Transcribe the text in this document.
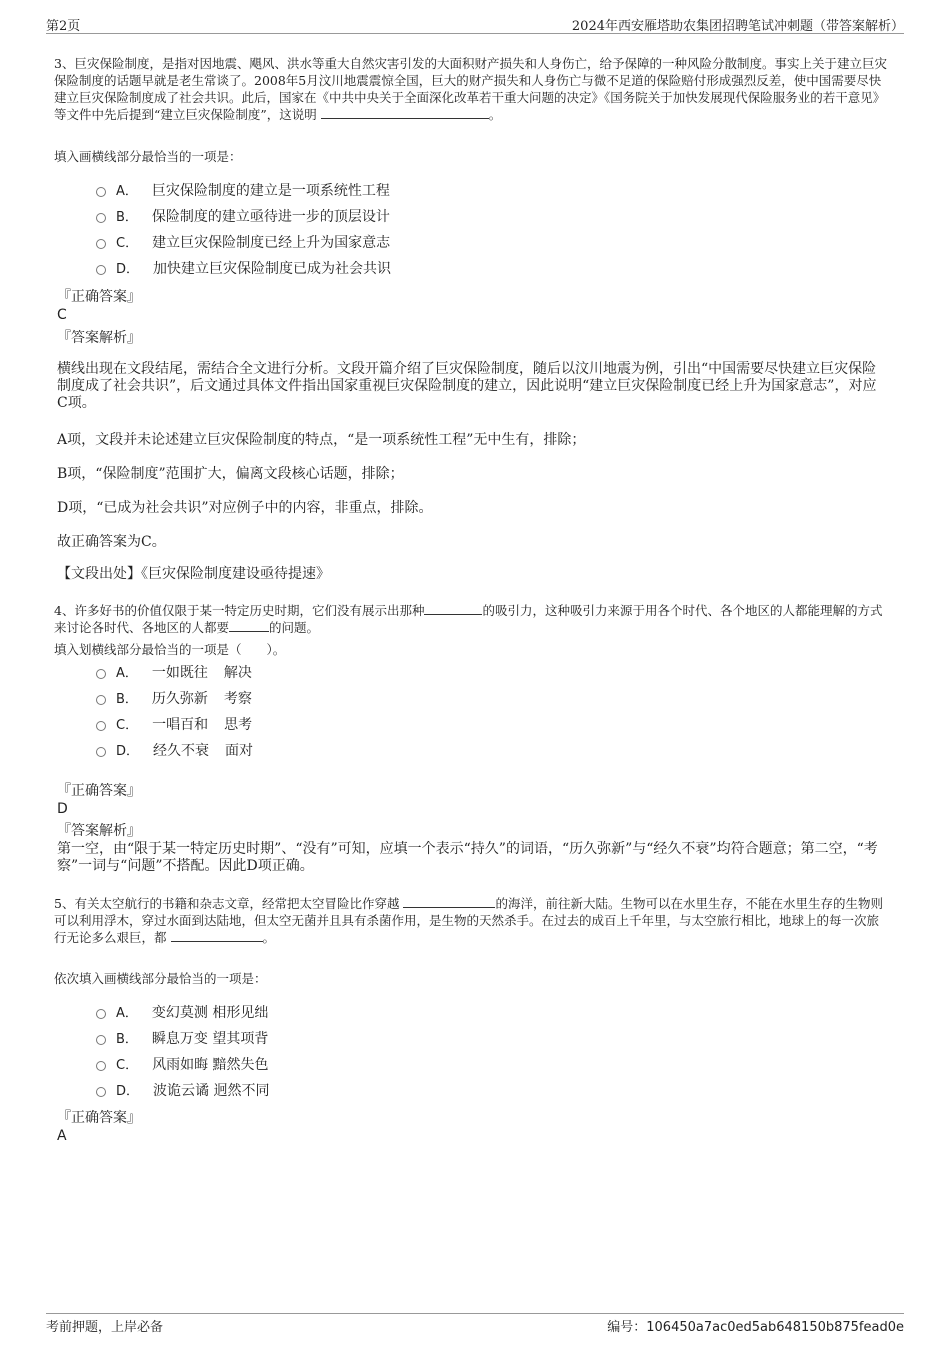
第2页	2024年西安雁塔助农集团招聘笔试冲刺题（带答案解析）
3、巨灾保险制度，是指对因地震、飓风、洪水等重大自然灾害引发的大面积财产损失和人身伤亡，给予保障的一种风险分散制度。事实上关于建立巨灾保险制度的话题早就是老生常谈了。2008年5月汶川地震震惊全国，巨大的财产损失和人身伤亡与微不足道的保险赔付形成强烈反差，使中国需要尽快建立巨灾保险制度成了社会共识。此后，国家在《中共中央关于全面深化改革若干重大问题的决定》《国务院关于加快发展现代保险服务业的若干意见》等文件中先后提到“建立巨灾保险制度”，这说明	。
填入画横线部分最恰当的一项是：
A． 巨灾保险制度的建立是一项系统性工程
B． 保险制度的建立亟待进一步的顶层设计
C． 建立巨灾保险制度已经上升为国家意志
D． 加快建立巨灾保险制度已成为社会共识
『正确答案』
C
『答案解析』
横线出现在文段结尾，需结合全文进行分析。文段开篇介绍了巨灾保险制度，随后以汶川地震为例，引出“中国需要尽快建立巨灾保险制度成了社会共识”，后文通过具体文件指出国家重视巨灾保险制度的建立，因此说明“建立巨灾保险制度已经上升为国家意志”，对应C项。
A项，文段并未论述建立巨灾保险制度的特点，“是一项系统性工程”无中生有，排除；
B项，“保险制度”范围扩大，偏离文段核心话题，排除；
D项，“已成为社会共识”对应例子中的内容，非重点，排除。
故正确答案为C。
【文段出处】《巨灾保险制度建设亟待提速》
4、许多好书的价值仅限于某一特定历史时期，它们没有展示出那种	的吸引力，这种吸引力来源于用各个时代、各个地区的人都能理解的方式来讨论各时代、各地区的人都要	的问题。
填入划横线部分最恰当的一项是（　　）。
A． 一如既往 解决
B． 历久弥新 考察
C． 一唱百和 思考
D． 经久不衰 面对
『正确答案』
D
『答案解析』
第一空，由“限于某一特定历史时期”、“没有”可知，应填一个表示“持久”的词语，“历久弥新”与“经久不衰”均符合题意；第二空，“考察”一词与“问题”不搭配。因此D项正确。
5、有关太空航行的书籍和杂志文章，经常把太空冒险比作穿越	的海洋，前往新大陆。生物可以在水里生存，不能在水里生存的生物则可以利用浮木，穿过水面到达陆地，但太空无菌并且具有杀菌作用，是生物的天然杀手。在过去的成百上千年里，与太空旅行相比，地球上的每一次旅行无论多么艰巨，都	。
依次填入画横线部分最恰当的一项是：
A． 变幻莫测 相形见绌
B． 瞬息万变 望其项背
C． 风雨如晦 黯然失色
D． 波诡云谲 迥然不同
『正确答案』
A
考前押题，上岸必备	编号：106450a7ac0ed5ab648150b875fead0e
